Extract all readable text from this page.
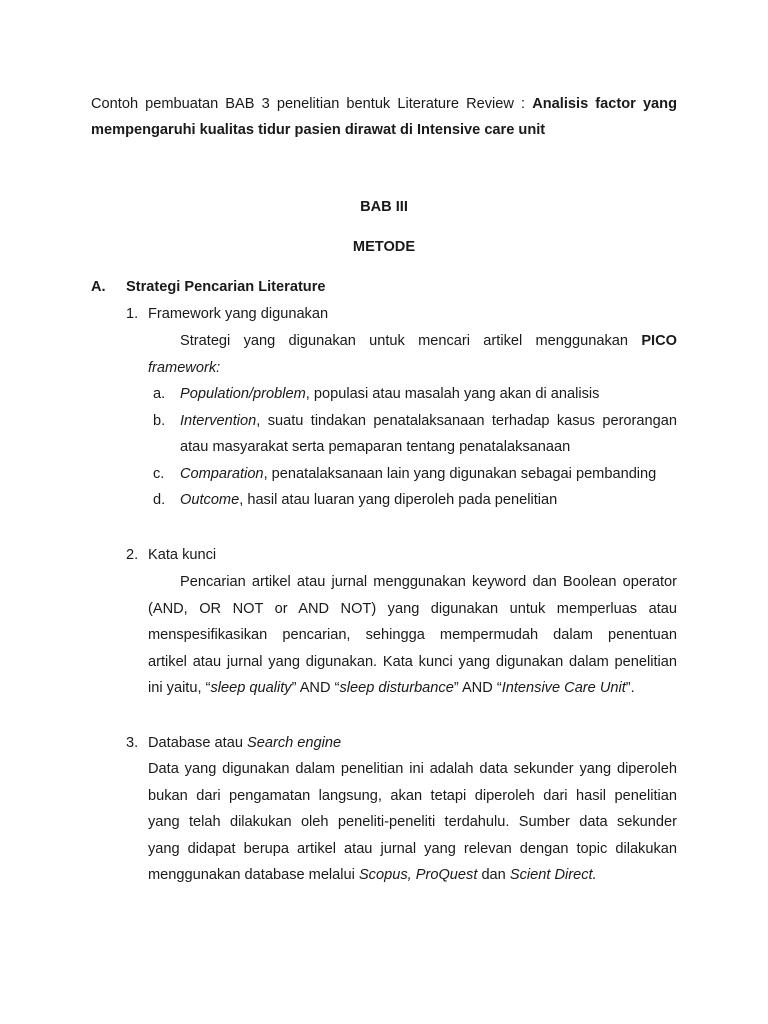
Contoh pembuatan BAB 3 penelitian bentuk Literature Review : Analisis factor yang
mempengaruhi kualitas tidur pasien dirawat di Intensive care unit
BAB III
METODE
A. Strategi Pencarian Literature
1. Framework yang digunakan
Strategi yang digunakan untuk mencari artikel menggunakan PICO
framework:
a.	Population/problem, populasi atau masalah yang akan di analisis
b.	Intervention, suatu tindakan penatalaksanaan terhadap kasus perorangan
atau masyarakat serta pemaparan tentang penatalaksanaan
c.	Comparation, penatalaksanaan lain yang digunakan sebagai pembanding
d.	Outcome, hasil atau luaran yang diperoleh pada penelitian
2. Kata kunci
Pencarian artikel atau jurnal menggunakan keyword dan Boolean operator
(AND, OR NOT or AND NOT) yang digunakan untuk memperluas atau
menspesifikasikan pencarian, sehingga mempermudah dalam penentuan
artikel atau jurnal yang digunakan. Kata kunci yang digunakan dalam penelitian
ini yaitu, “sleep quality” AND “sleep disturbance” AND “Intensive Care Unit”.
3. Database atau Search engine
Data yang digunakan dalam penelitian ini adalah data sekunder yang diperoleh
bukan dari pengamatan langsung, akan tetapi diperoleh dari hasil penelitian
yang telah dilakukan oleh peneliti-peneliti terdahulu. Sumber data sekunder
yang didapat berupa artikel atau jurnal yang relevan dengan topic dilakukan
menggunakan database melalui Scopus, ProQuest dan Scient Direct.
